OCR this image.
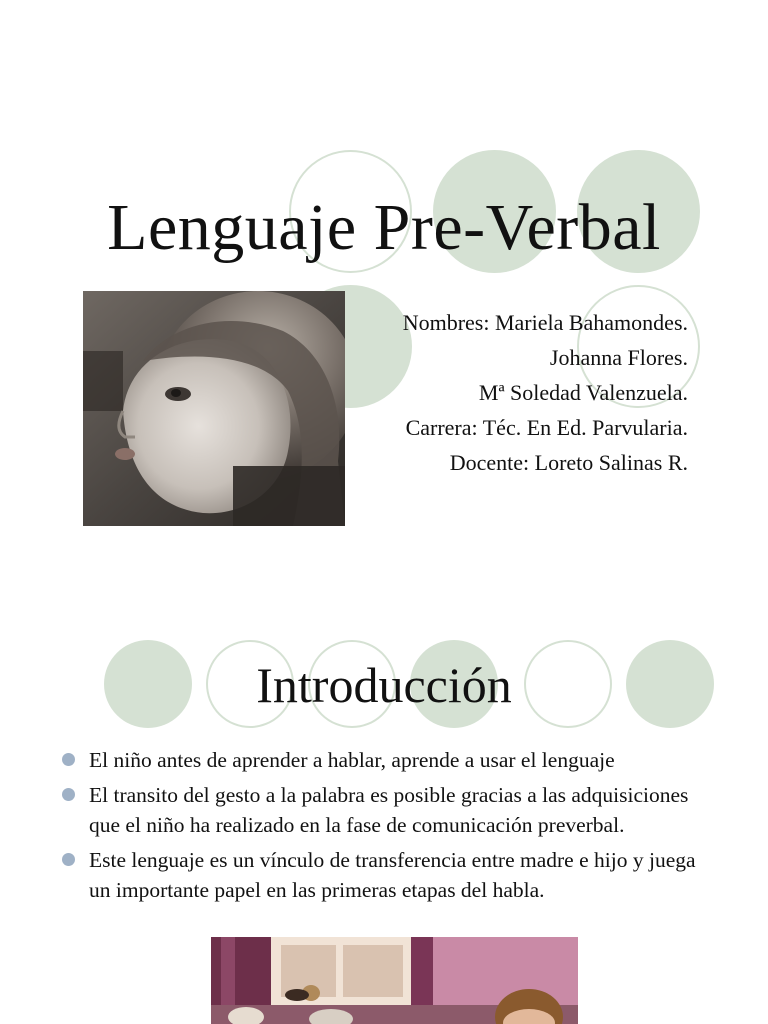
Lenguaje Pre-Verbal
Nombres: Mariela Bahamondes.
Johanna Flores.
Mª Soledad Valenzuela.
Carrera: Téc. En Ed. Parvularia.
Docente: Loreto Salinas R.
Introducción
El niño antes de aprender a hablar, aprende a usar el lenguaje
El transito del gesto a la palabra es posible gracias a las adquisiciones que el niño ha realizado en la fase de comunicación preverbal.
Este lenguaje es un vínculo de transferencia entre madre e hijo y juega un importante papel en las primeras etapas del habla.
